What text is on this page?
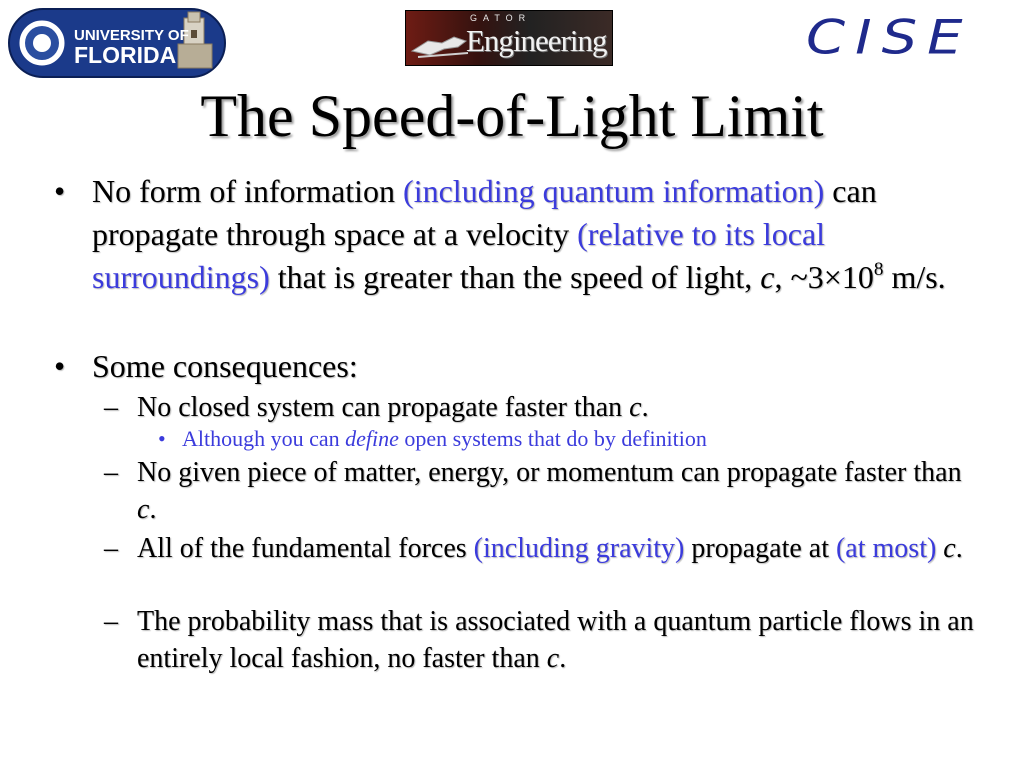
UNIVERSITY OF
FLORIDA
GATOR
Engineering	CISE
The Speed-of-Light Limit
• No form of information (including quantum information) can propagate through space at a velocity (relative to its local surroundings) that is greater than the speed of light, c, $\sim 3\times 10^8$ m/s.
• Some consequences:
– No closed system can propagate faster than c.
• Although you can define open systems that do by definition
– No given piece of matter, energy, or momentum can propagate faster than c.
– All of the fundamental forces (including gravity) propagate at (at most) c.
– The probability mass that is associated with a quantum particle flows in an entirely local fashion, no faster than c.
